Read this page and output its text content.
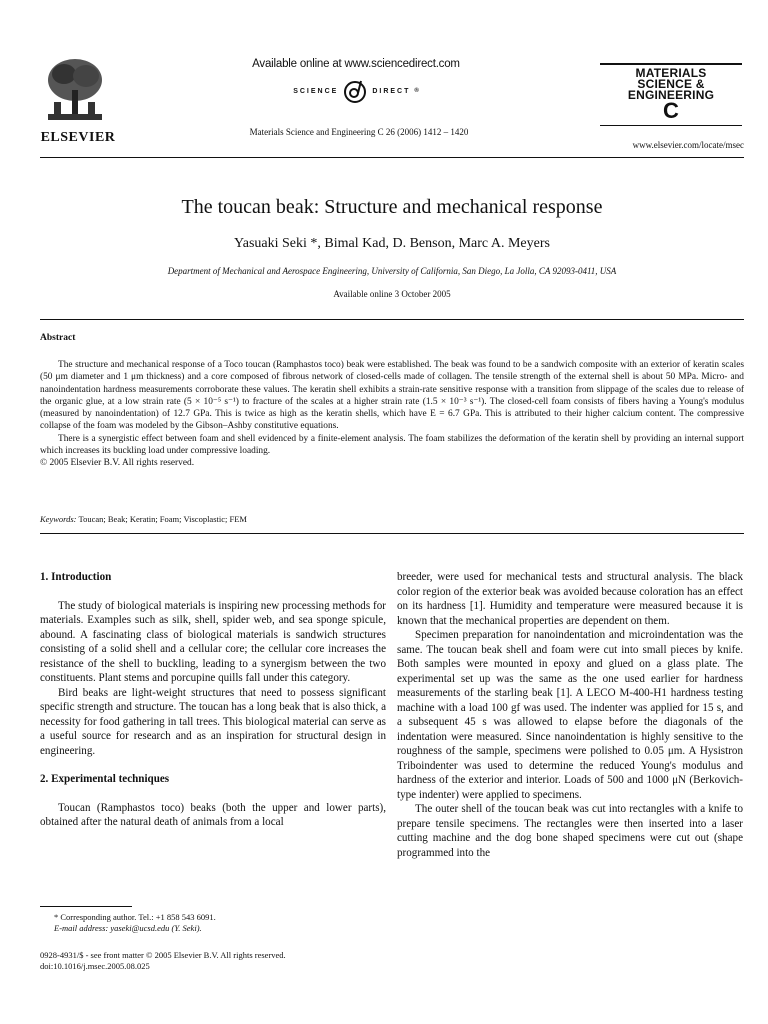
ELSEVIER
Available online at www.sciencedirect.com
SCIENCE	DIRECT ®
Materials Science and Engineering C 26 (2006) 1412 – 1420
MATERIALS
SCIENCE &
ENGINEERING
C
www.elsevier.com/locate/msec
The toucan beak: Structure and mechanical response
Yasuaki Seki *, Bimal Kad, D. Benson, Marc A. Meyers
Department of Mechanical and Aerospace Engineering, University of California, San Diego, La Jolla, CA 92093-0411, USA
Available online 3 October 2005
Abstract

The structure and mechanical response of a Toco toucan (Ramphastos toco) beak were established. The beak was found to be a sandwich composite with an exterior of keratin scales (50 μm diameter and 1 μm thickness) and a core composed of fibrous network of closed-cells made of collagen. The tensile strength of the external shell is about 50 MPa. Micro- and nanoindentation hardness measurements corroborate these values. The keratin shell exhibits a strain-rate sensitive response with a transition from slippage of the scales due to release of the organic glue, at a low strain rate (5 × 10⁻⁵ s⁻¹) to fracture of the scales at a higher strain rate (1.5 × 10⁻³ s⁻¹). The closed-cell foam consists of fibers having a Young's modulus (measured by nanoindentation) of 12.7 GPa. This is twice as high as the keratin shells, which have E = 6.7 GPa. This is attributed to their higher calcium content. The compressive collapse of the foam was modeled by the Gibson–Ashby constitutive equations.

There is a synergistic effect between foam and shell evidenced by a finite-element analysis. The foam stabilizes the deformation of the keratin shell by providing an internal support which increases its buckling load under compressive loading.

© 2005 Elsevier B.V. All rights reserved.

Keywords: Toucan; Beak; Keratin; Foam; Viscoplastic; FEM

1. Introduction

The study of biological materials is inspiring new processing methods for materials. Examples such as silk, shell, spider web, and sea sponge spicule, abound. A fascinating class of biological materials is sandwich structures consisting of a solid shell and a cellular core; the cellular core increases the resistance of the shell to buckling, leading to a synergism between the two constituents. Plant stems and porcupine quills fall under this category.

Bird beaks are light-weight structures that need to possess significant specific strength and structure. The toucan has a long beak that is also thick, a necessity for food gathering in tall trees. This biological material can serve as a useful source for research and as an inspiration for structural design in engineering.

2. Experimental techniques

Toucan (Ramphastos toco) beaks (both the upper and lower parts), obtained after the natural death of animals from a local

breeder, were used for mechanical tests and structural analysis. The black color region of the exterior beak was avoided because coloration has an effect on its hardness [1]. Humidity and temperature were measured because it is known that the mechanical properties are dependent on them.

Specimen preparation for nanoindentation and microindentation was the same. The toucan beak shell and foam were cut into small pieces by knife. Both samples were mounted in epoxy and glued on a glass plate. The experimental set up was the same as the one used earlier for hardness measurements of the starling beak [1]. A LECO M-400-H1 hardness testing machine with a load 100 gf was used. The indenter was applied for 15 s, and a subsequent 45 s was allowed to elapse before the diagonals of the indentation were measured. Since nanoindentation is highly sensitive to the roughness of the sample, specimens were polished to 0.05 μm. A Hysistron Triboindenter was used to determine the reduced Young's modulus and hardness of the exterior and interior. Loads of 500 and 1000 μN (Berkovich-type indenter) were applied to specimens.

The outer shell of the toucan beak was cut into rectangles with a knife to prepare tensile specimens. The rectangles were then inserted into a laser cutting machine and the dog bone shaped specimens were cut out (shape programmed into the

* Corresponding author. Tel.: +1 858 543 6091.
E-mail address: yaseki@ucsd.edu (Y. Seki).
0928-4931/$ - see front matter © 2005 Elsevier B.V. All rights reserved.
doi:10.1016/j.msec.2005.08.025
